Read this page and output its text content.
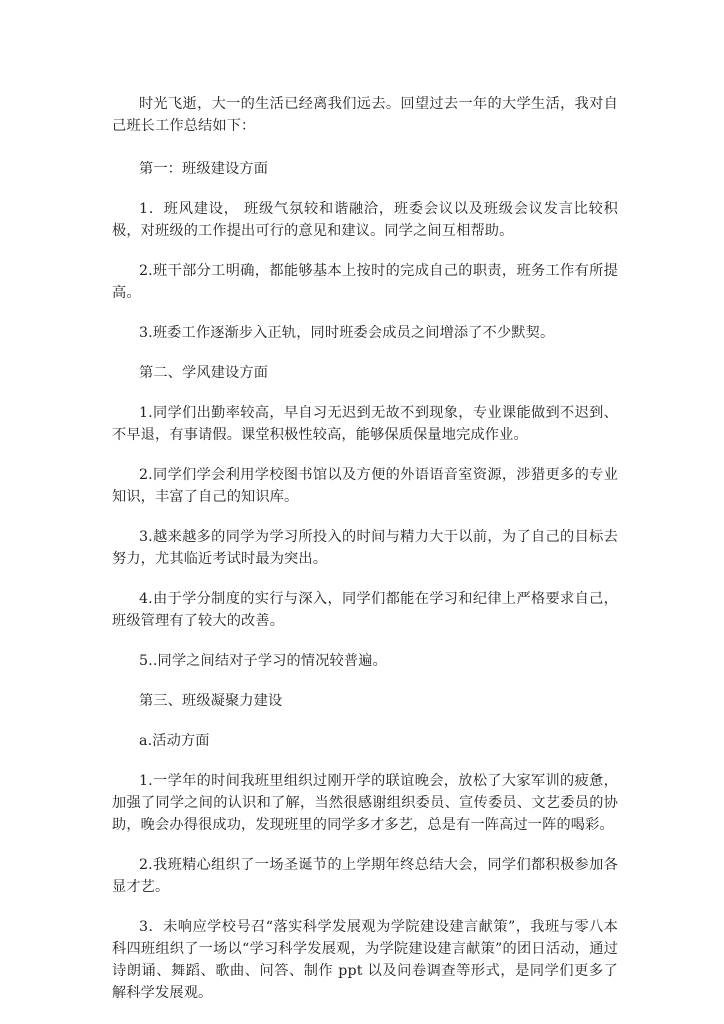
时光飞逝，大一的生活已经离我们远去。回望过去一年的大学生活，我对自己班长工作总结如下：

第一：班级建设方面

1．班风建设， 班级气氛较和谐融洽，班委会议以及班级会议发言比较积极，对班级的工作提出可行的意见和建议。同学之间互相帮助。

2.班干部分工明确，都能够基本上按时的完成自己的职责，班务工作有所提高。

3.班委工作逐渐步入正轨，同时班委会成员之间增添了不少默契。

第二、学风建设方面

1.同学们出勤率较高，早自习无迟到无故不到现象，专业课能做到不迟到、不早退，有事请假。课堂积极性较高，能够保质保量地完成作业。

2.同学们学会利用学校图书馆以及方便的外语语音室资源，涉猎更多的专业知识，丰富了自己的知识库。

3.越来越多的同学为学习所投入的时间与精力大于以前，为了自己的目标去努力，尤其临近考试时最为突出。

4.由于学分制度的实行与深入，同学们都能在学习和纪律上严格要求自己，班级管理有了较大的改善。

5..同学之间结对子学习的情况较普遍。

第三、班级凝聚力建设

a.活动方面

1.一学年的时间我班里组织过刚开学的联谊晚会，放松了大家军训的疲惫，加强了同学之间的认识和了解，当然很感谢组织委员、宣传委员、文艺委员的协助，晚会办得很成功，发现班里的同学多才多艺，总是有一阵高过一阵的喝彩。

2.我班精心组织了一场圣诞节的上学期年终总结大会，同学们都积极参加各显才艺。

3．未响应学校号召“落实科学发展观为学院建设建言献策”，我班与零八本科四班组织了一场以“学习科学发展观，为学院建设建言献策”的团日活动，通过诗朗诵、舞蹈、歌曲、问答、制作 ppt 以及问卷调查等形式，是同学们更多了解科学发展观。
